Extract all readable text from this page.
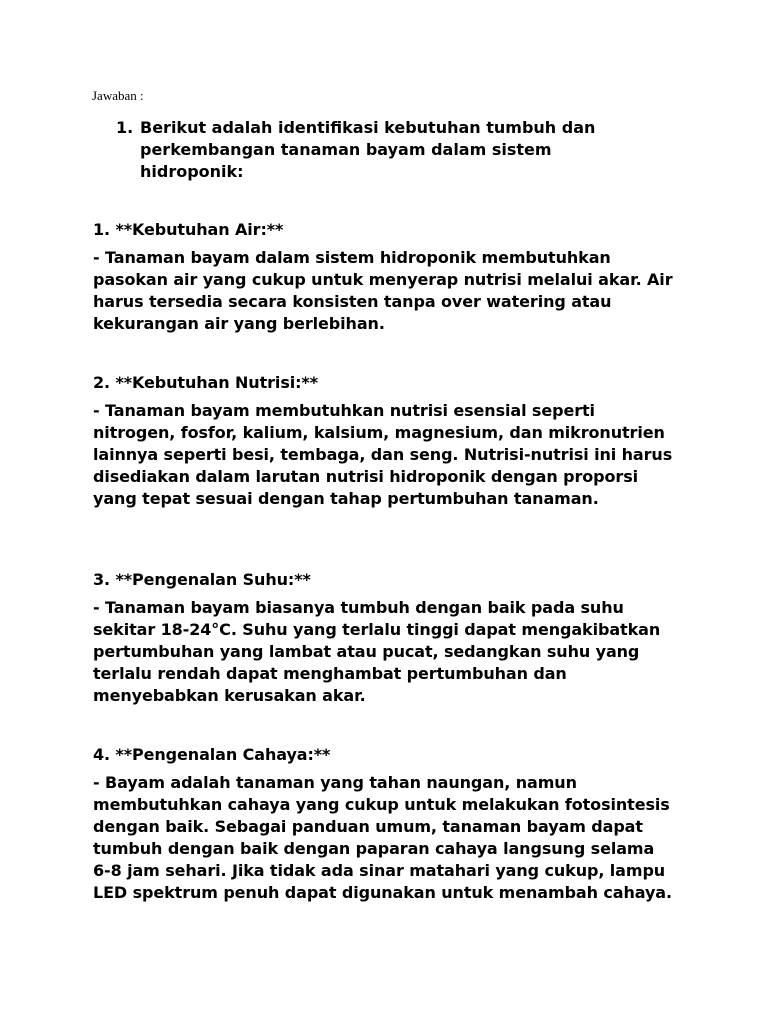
Jawaban :
1. Berikut adalah identifikasi kebutuhan tumbuh dan perkembangan tanaman bayam dalam sistem hidroponik:

1. **Kebutuhan Air:**

- Tanaman bayam dalam sistem hidroponik membutuhkan pasokan air yang cukup untuk menyerap nutrisi melalui akar. Air harus tersedia secara konsisten tanpa over watering atau kekurangan air yang berlebihan.

2. **Kebutuhan Nutrisi:**

- Tanaman bayam membutuhkan nutrisi esensial seperti nitrogen, fosfor, kalium, kalsium, magnesium, dan mikronutrien lainnya seperti besi, tembaga, dan seng. Nutrisi-nutrisi ini harus disediakan dalam larutan nutrisi hidroponik dengan proporsi yang tepat sesuai dengan tahap pertumbuhan tanaman.

3. **Pengenalan Suhu:**

- Tanaman bayam biasanya tumbuh dengan baik pada suhu sekitar 18-24°C. Suhu yang terlalu tinggi dapat mengakibatkan pertumbuhan yang lambat atau pucat, sedangkan suhu yang terlalu rendah dapat menghambat pertumbuhan dan menyebabkan kerusakan akar.

4. **Pengenalan Cahaya:**

- Bayam adalah tanaman yang tahan naungan, namun membutuhkan cahaya yang cukup untuk melakukan fotosintesis dengan baik. Sebagai panduan umum, tanaman bayam dapat tumbuh dengan baik dengan paparan cahaya langsung selama 6-8 jam sehari. Jika tidak ada sinar matahari yang cukup, lampu LED spektrum penuh dapat digunakan untuk menambah cahaya.
